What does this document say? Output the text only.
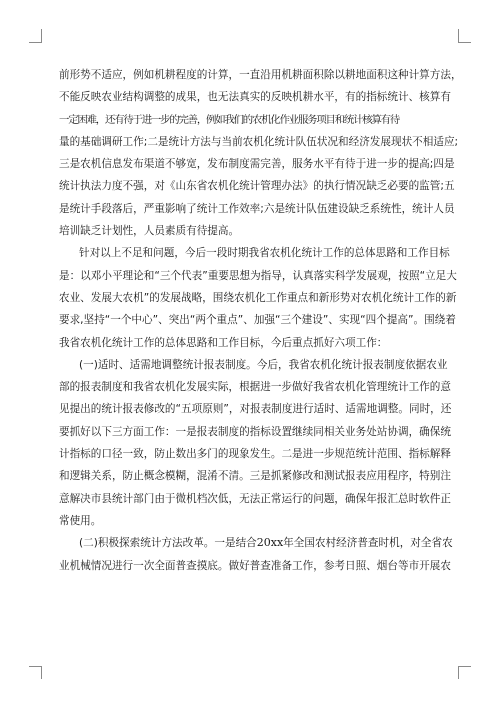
前形势不适应，例如机耕程度的计算，一直沿用机耕面积除以耕地面积这种计算方法，
不能反映农业结构调整的成果，也无法真实的反映机耕水平，有的指标统计、核算有
一定困难，还有待于进一步的完善，例如我们的农机化作业服务项目和统计核算有待
量的基础调研工作;二是统计方法与当前农机化统计队伍状况和经济发展现状不相适应;
三是农机信息发布渠道不够宽，发布制度需完善，服务水平有待于进一步的提高;四是
统计执法力度不强，对《山东省农机化统计管理办法》的执行情况缺乏必要的监管;五
是统计手段落后，严重影响了统计工作效率;六是统计队伍建设缺乏系统性，统计人员
培训缺乏计划性，人员素质有待提高。
针对以上不足和问题，今后一段时期我省农机化统计工作的总体思路和工作目标
是：以邓小平理论和“三个代表”重要思想为指导，认真落实科学发展观，按照“立足大
农业、发展大农机”的发展战略，围绕农机化工作重点和新形势对农机化统计工作的新
要求,坚持“一个中心”、突出“两个重点”、加强“三个建设”、实现“四个提高”。围绕着
我省农机化统计工作的总体思路和工作目标，今后重点抓好六项工作：
(一)适时、适需地调整统计报表制度。今后，我省农机化统计报表制度依据农业
部的报表制度和我省农机化发展实际，根据进一步做好我省农机化管理统计工作的意
见提出的统计报表修改的“五项原则”，对报表制度进行适时、适需地调整。同时，还
要抓好以下三方面工作：一是报表制度的指标设置继续同相关业务处站协调，确保统
计指标的口径一致，防止数出多门的现象发生。二是进一步规范统计范围、指标解释
和逻辑关系，防止概念模糊，混淆不清。三是抓紧修改和测试报表应用程序，特别注
意解决市县统计部门由于微机档次低，无法正常运行的问题，确保年报汇总时软件正
常使用。
(二)积极探索统计方法改革。一是结合20xx年全国农村经济普查时机，对全省农
业机械情况进行一次全面普查摸底。做好普查准备工作，参考日照、烟台等市开展农
